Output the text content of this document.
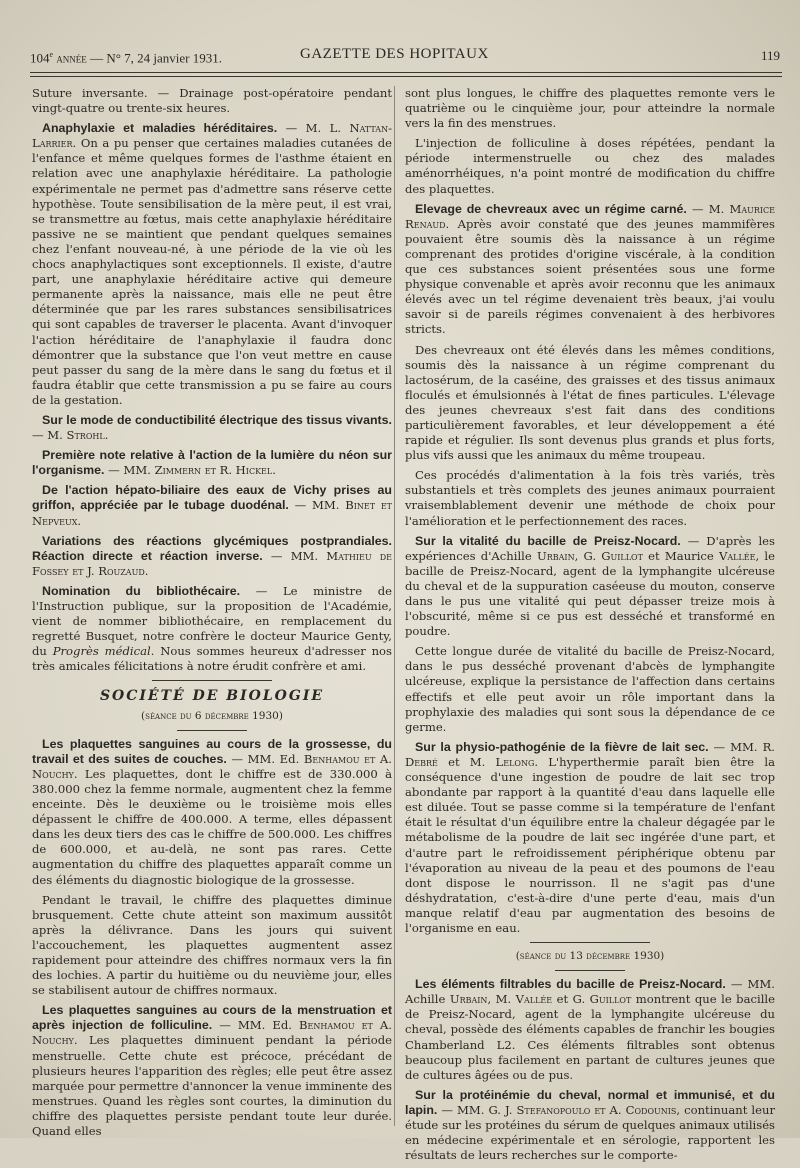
104e ANNÉE — N° 7, 24 janvier 1931.	GAZETTE DES HOPITAUX	119

Suture inversante. — Drainage post-opératoire pendant vingt-quatre ou trente-six heures.

Anaphylaxie et maladies héréditaires. — M. L. Nattan-Larrier. On a pu penser que certaines maladies cutanées de l'enfance et même quelques formes de l'asthme étaient en relation avec une anaphylaxie héréditaire. La pathologie expérimentale ne permet pas d'admettre sans réserve cette hypothèse. Toute sensibilisation de la mère peut, il est vrai, se transmettre au fœtus, mais cette anaphylaxie héréditaire passive ne se maintient que pendant quelques semaines chez l'enfant nouveau-né, à une période de la vie où les chocs anaphylactiques sont exceptionnels. Il existe, d'autre part, une anaphylaxie héréditaire active qui demeure permanente après la naissance, mais elle ne peut être déterminée que par les rares substances sensibilisatrices qui sont capables de traverser le placenta. Avant d'invoquer l'action héréditaire de l'anaphylaxie il faudra donc démontrer que la substance que l'on veut mettre en cause peut passer du sang de la mère dans le sang du fœtus et il faudra établir que cette transmission a pu se faire au cours de la gestation.

Sur le mode de conductibilité électrique des tissus vivants. — M. Strohl.

Première note relative à l'action de la lumière du néon sur l'organisme. — MM. Zimmern et R. Hickel.

De l'action hépato-biliaire des eaux de Vichy prises au griffon, appréciée par le tubage duodénal. — MM. Binet et Nepveux.

Variations des réactions glycémiques postprandiales. Réaction directe et réaction inverse. — MM. Mathieu de Fossey et J. Rouzaud.

Nomination du bibliothécaire. — Le ministre de l'Instruction publique, sur la proposition de l'Académie, vient de nommer bibliothécaire, en remplacement du regretté Busquet, notre confrère le docteur Maurice Genty, du Progrès médical. Nous sommes heureux d'adresser nos très amicales félicitations à notre érudit confrère et ami.

SOCIÉTÉ DE BIOLOGIE
(séance du 6 décembre 1930)

Les plaquettes sanguines au cours de la grossesse, du travail et des suites de couches. — MM. Ed. Benhamou et A. Nouchy. Les plaquettes, dont le chiffre est de 330.000 à 380.000 chez la femme normale, augmentent chez la femme enceinte. Dès le deuxième ou le troisième mois elles dépassent le chiffre de 400.000. A terme, elles dépassent dans les deux tiers des cas le chiffre de 500.000. Les chiffres de 600.000, et au-delà, ne sont pas rares. Cette augmentation du chiffre des plaquettes apparaît comme un des éléments du diagnostic biologique de la grossesse.

Pendant le travail, le chiffre des plaquettes diminue brusquement. Cette chute atteint son maximum aussitôt après la délivrance. Dans les jours qui suivent l'accouchement, les plaquettes augmentent assez rapidement pour atteindre des chiffres normaux vers la fin des lochies. A partir du huitième ou du neuvième jour, elles se stabilisent autour de chiffres normaux.

Les plaquettes sanguines au cours de la menstruation et après injection de folliculine. — MM. Ed. Benhamou et A. Nouchy. Les plaquettes diminuent pendant la période menstruelle. Cette chute est précoce, précédant de plusieurs heures l'apparition des règles; elle peut être assez marquée pour permettre d'annoncer la venue imminente des menstrues. Quand les règles sont courtes, la diminution du chiffre des plaquettes persiste pendant toute leur durée. Quand elles

sont plus longues, le chiffre des plaquettes remonte vers le quatrième ou le cinquième jour, pour atteindre la normale vers la fin des menstrues.

L'injection de folliculine à doses répétées, pendant la période intermenstruelle ou chez des malades aménorrhéiques, n'a point montré de modification du chiffre des plaquettes.

Elevage de chevreaux avec un régime carné. — M. Maurice Renaud. Après avoir constaté que des jeunes mammifères pouvaient être soumis dès la naissance à un régime comprenant des protides d'origine viscérale, à la condition que ces substances soient présentées sous une forme physique convenable et après avoir reconnu que les animaux élevés avec un tel régime devenaient très beaux, j'ai voulu savoir si de pareils régimes convenaient à des herbivores stricts.

Des chevreaux ont été élevés dans les mêmes conditions, soumis dès la naissance à un régime comprenant du lactosérum, de la caséine, des graisses et des tissus animaux floculés et émulsionnés à l'état de fines particules. L'élevage des jeunes chevreaux s'est fait dans des conditions particulièrement favorables, et leur développement a été rapide et régulier. Ils sont devenus plus grands et plus forts, plus vifs aussi que les animaux du même troupeau.

Ces procédés d'alimentation à la fois très variés, très substantiels et très complets des jeunes animaux pourraient vraisemblablement devenir une méthode de choix pour l'amélioration et le perfectionnement des races.

Sur la vitalité du bacille de Preisz-Nocard. — D'après les expériences d'Achille Urbain, G. Guillot et Maurice Vallée, le bacille de Preisz-Nocard, agent de la lymphangite ulcéreuse du cheval et de la suppuration caséeuse du mouton, conserve dans le pus une vitalité qui peut dépasser treize mois à l'obscurité, même si ce pus est desséché et transformé en poudre.

Cette longue durée de vitalité du bacille de Preisz-Nocard, dans le pus desséché provenant d'abcès de lymphangite ulcéreuse, explique la persistance de l'affection dans certains effectifs et elle peut avoir un rôle important dans la prophylaxie des maladies qui sont sous la dépendance de ce germe.

Sur la physio-pathogénie de la fièvre de lait sec. — MM. R. Debré et M. Lelong. L'hyperthermie paraît bien être la conséquence d'une ingestion de poudre de lait sec trop abondante par rapport à la quantité d'eau dans laquelle elle est diluée. Tout se passe comme si la température de l'enfant était le résultat d'un équilibre entre la chaleur dégagée par le métabolisme de la poudre de lait sec ingérée d'une part, et d'autre part le refroidissement périphérique obtenu par l'évaporation au niveau de la peau et des poumons de l'eau dont dispose le nourrisson. Il ne s'agit pas d'une déshydratation, c'est-à-dire d'une perte d'eau, mais d'un manque relatif d'eau par augmentation des besoins de l'organisme en eau.

(séance du 13 décembre 1930)

Les éléments filtrables du bacille de Preisz-Nocard. — MM. Achille Urbain, M. Vallée et G. Guillot montrent que le bacille de Preisz-Nocard, agent de la lymphangite ulcéreuse du cheval, possède des éléments capables de franchir les bougies Chamberland L2. Ces éléments filtrables sont obtenus beaucoup plus facilement en partant de cultures jeunes que de cultures âgées ou de pus.

Sur la protéinémie du cheval, normal et immunisé, et du lapin. — MM. G. J. Stefanopoulo et A. Codounis, continuant leur étude sur les protéines du sérum de quelques animaux utilisés en médecine expérimentale et en sérologie, rapportent les résultats de leurs recherches sur le comporte-
